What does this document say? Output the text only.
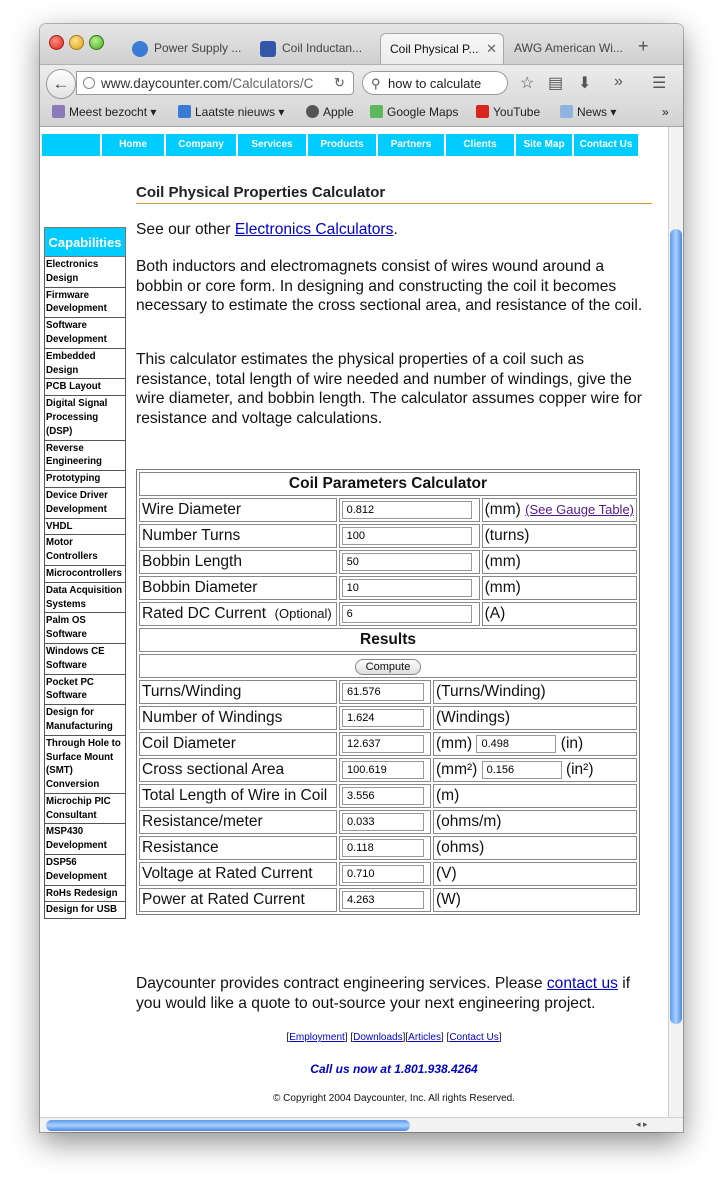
Power Supply ...	Coil Inductan...	Coil Physical P... ✕	AWG American Wi... +
←	www.daycounter.com/Calculators/C	↻ ⚲ how to calculate	☆ ▤ ⬇ » ☰
Meest bezocht ▾	Laatste nieuws ▾	Apple	Google Maps	YouTube	News ▾	»
Home	Company	Services	Products	Partners	Clients	Site Map	Contact Us
Capabilities
Electronics Design
Firmware Development
Software Development
Embedded Design
PCB Layout
Digital Signal Processing (DSP)
Reverse Engineering
Prototyping
Device Driver Development
VHDL
Motor Controllers
Microcontrollers
Data Acquisition Systems
Palm OS Software
Windows CE Software
Pocket PC Software
Design for Manufacturing
Through Hole to Surface Mount (SMT) Conversion
Microchip PIC Consultant
MSP430 Development
DSP56 Development
RoHs Redesign
Design for USB
Coil Physical Properties Calculator
See our other Electronics Calculators.
Both inductors and electromagnets consist of wires wound around a bobbin or core form. In designing and constructing the coil it becomes necessary to estimate the cross sectional area, and resistance of the coil.
This calculator estimates the physical properties of a coil such as resistance, total length of wire needed and number of windings, give the wire diameter, and bobbin length. The calculator assumes copper wire for resistance and voltage calculations.
Coil Parameters Calculator		
Wire Diameter	0.812	(mm) (See Gauge Table)
Number Turns	100	(turns)
Bobbin Length	50	(mm)
Bobbin Diameter	10	(mm)
Rated DC Current (Optional)	6	(A)
Results		
Compute		
Turns/Winding	61.576	(Turns/Winding)
Number of Windings	1.624	(Windings)
Coil Diameter	12.637	(mm) 0.498 (in)
Cross sectional Area	100.619	(mm²) 0.156 (in²)
Total Length of Wire in Coil	3.556	(m)
Resistance/meter	0.033	(ohms/m)
Resistance	0.118	(ohms)
Voltage at Rated Current	0.710	(V)
Power at Rated Current	4.263	(W)
Daycounter provides contract engineering services. Please contact us if you would like a quote to out-source your next engineering project.
[Employment] [Downloads][Articles] [Contact Us]
Call us now at 1.801.938.4264
© Copyright 2004 Daycounter, Inc. All rights Reserved.
◂ ▸
